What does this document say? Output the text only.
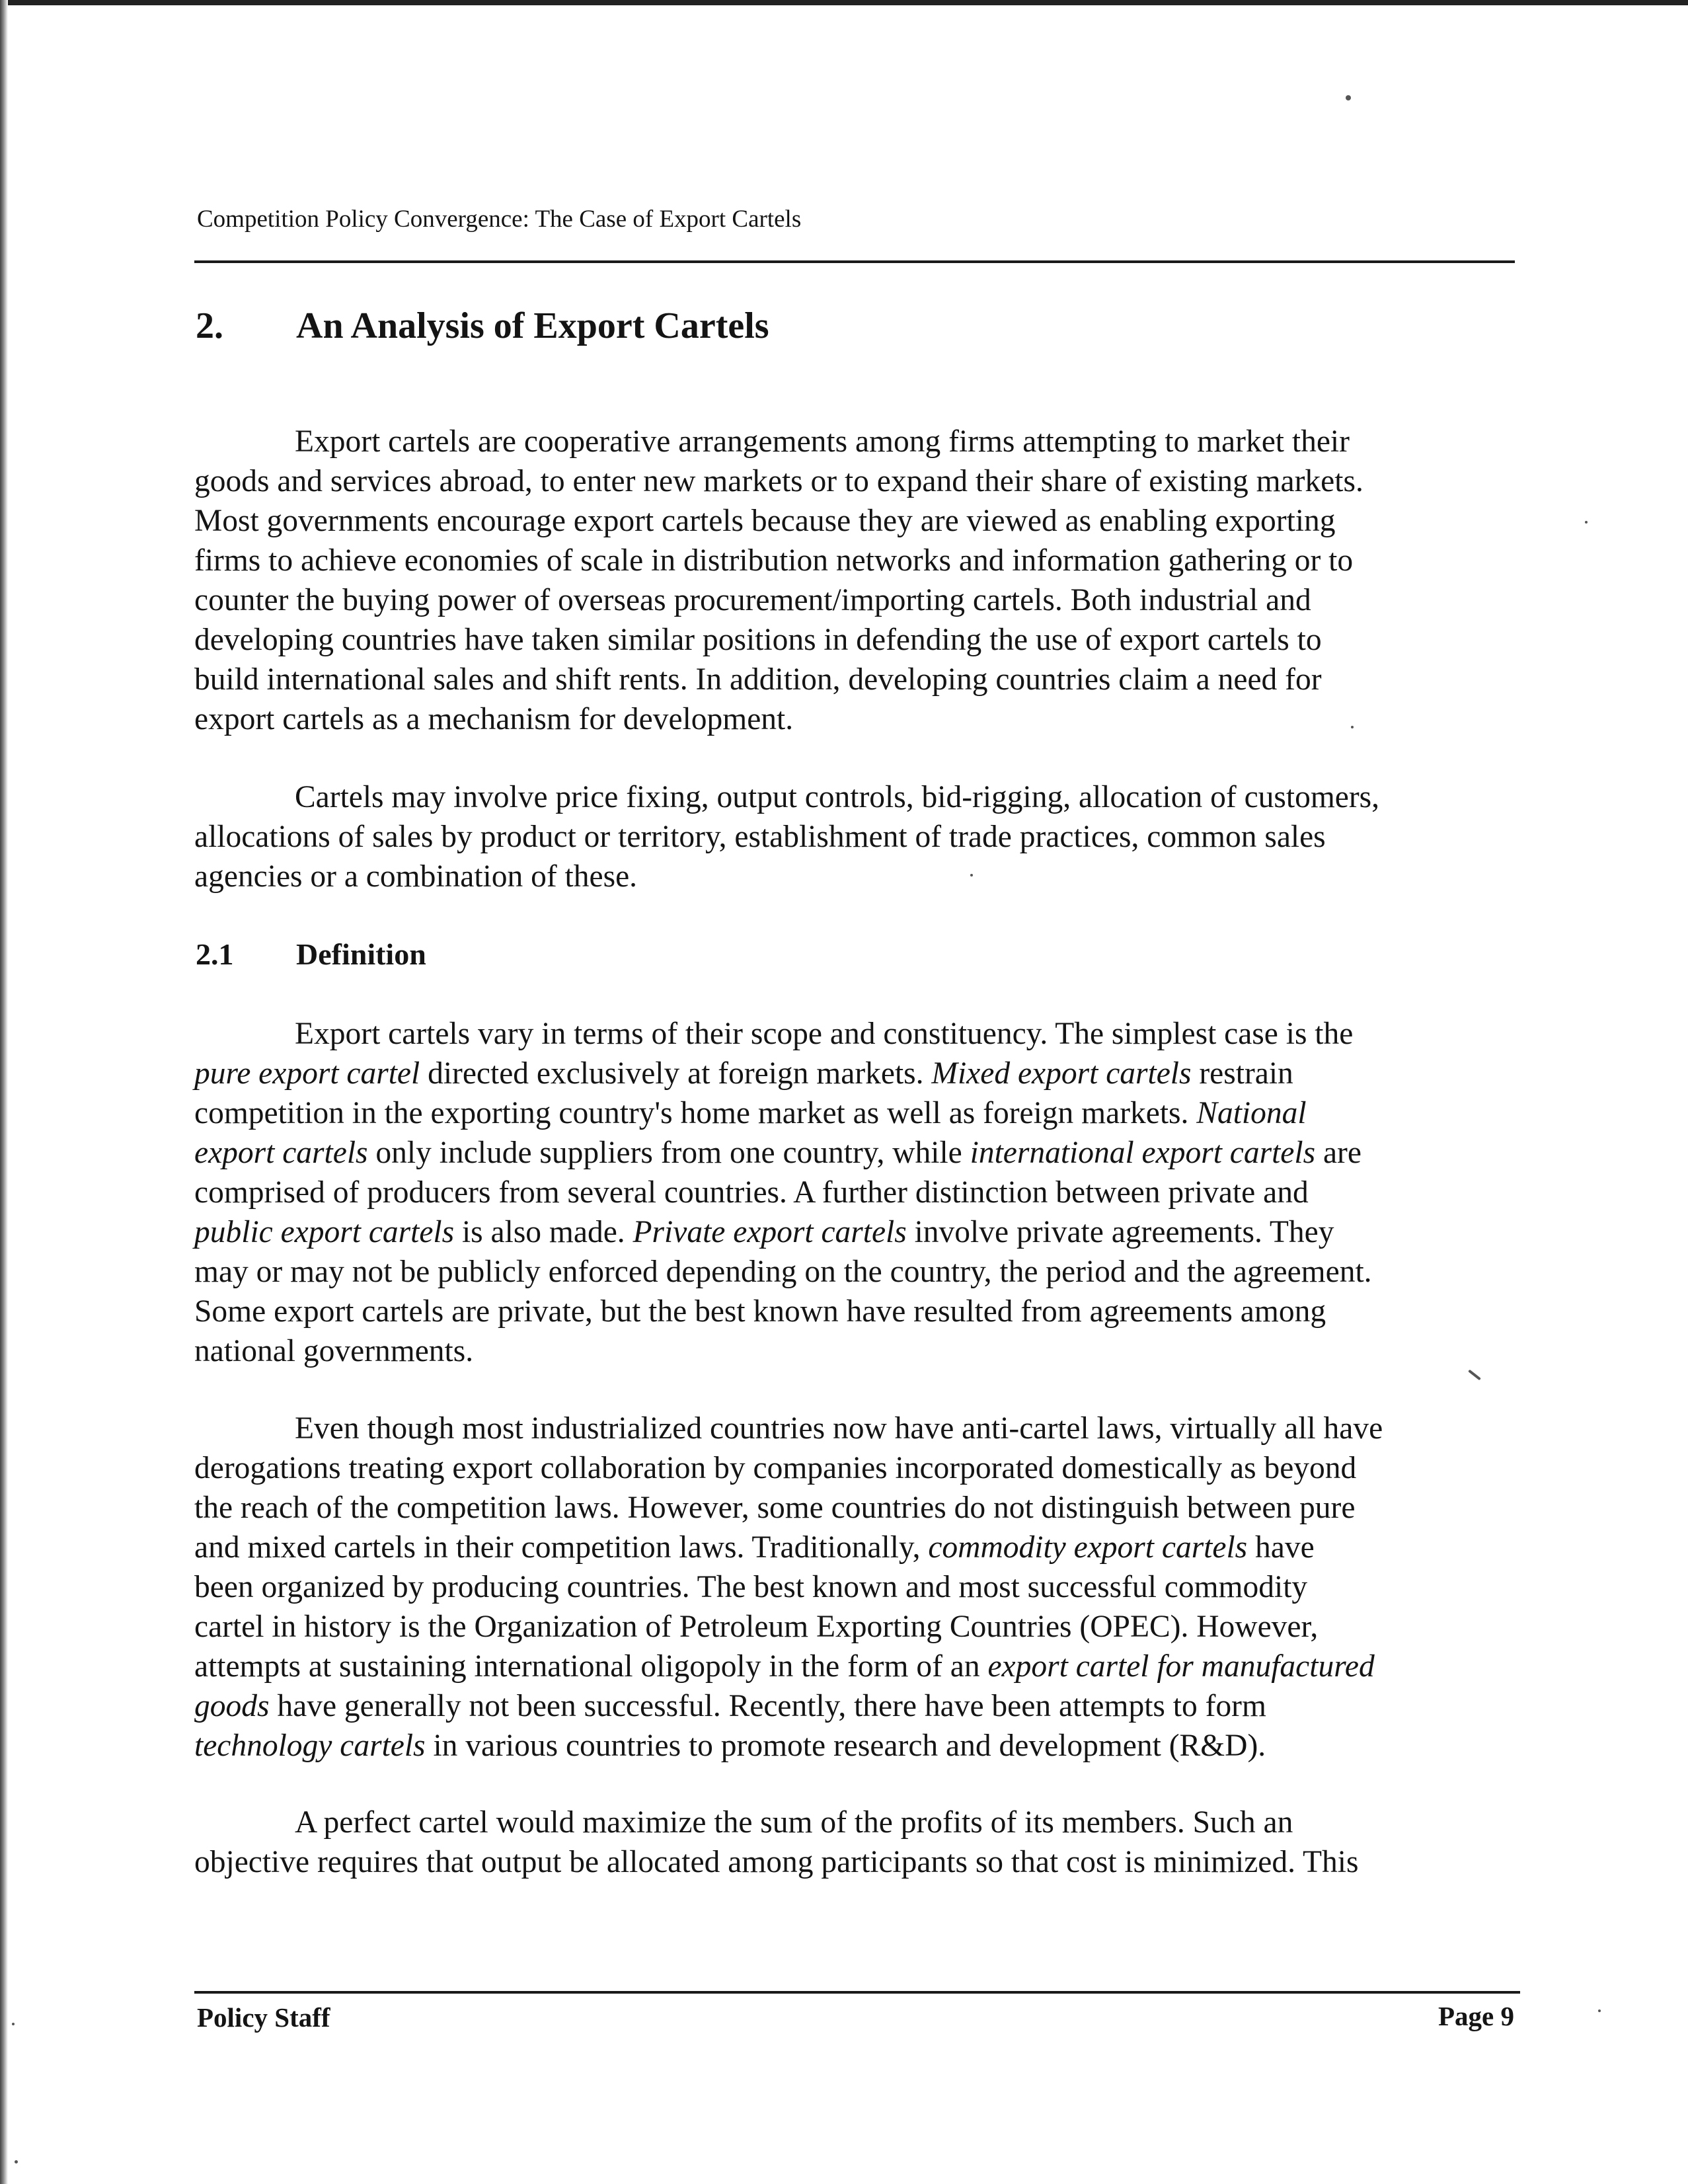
Competition Policy Convergence: The Case of Export Cartels
2. An Analysis of Export Cartels
Export cartels are cooperative arrangements among firms attempting to market their
goods and services abroad, to enter new markets or to expand their share of existing markets.
Most governments encourage export cartels because they are viewed as enabling exporting
firms to achieve economies of scale in distribution networks and information gathering or to
counter the buying power of overseas procurement/importing cartels. Both industrial and
developing countries have taken similar positions in defending the use of export cartels to
build international sales and shift rents. In addition, developing countries claim a need for
export cartels as a mechanism for development.
Cartels may involve price fixing, output controls, bid-rigging, allocation of customers,
allocations of sales by product or territory, establishment of trade practices, common sales
agencies or a combination of these.
2.1 Definition
Export cartels vary in terms of their scope and constituency. The simplest case is the
pure export cartel directed exclusively at foreign markets. Mixed export cartels restrain
competition in the exporting country's home market as well as foreign markets. National
export cartels only include suppliers from one country, while international export cartels are
comprised of producers from several countries. A further distinction between private and
public export cartels is also made. Private export cartels involve private agreements. They
may or may not be publicly enforced depending on the country, the period and the agreement.
Some export cartels are private, but the best known have resulted from agreements among
national governments.
Even though most industrialized countries now have anti-cartel laws, virtually all have
derogations treating export collaboration by companies incorporated domestically as beyond
the reach of the competition laws. However, some countries do not distinguish between pure
and mixed cartels in their competition laws. Traditionally, commodity export cartels have
been organized by producing countries. The best known and most successful commodity
cartel in history is the Organization of Petroleum Exporting Countries (OPEC). However,
attempts at sustaining international oligopoly in the form of an export cartel for manufactured
goods have generally not been successful. Recently, there have been attempts to form
technology cartels in various countries to promote research and development (R&D).
A perfect cartel would maximize the sum of the profits of its members. Such an
objective requires that output be allocated among participants so that cost is minimized. This
Policy Staff	Page 9
